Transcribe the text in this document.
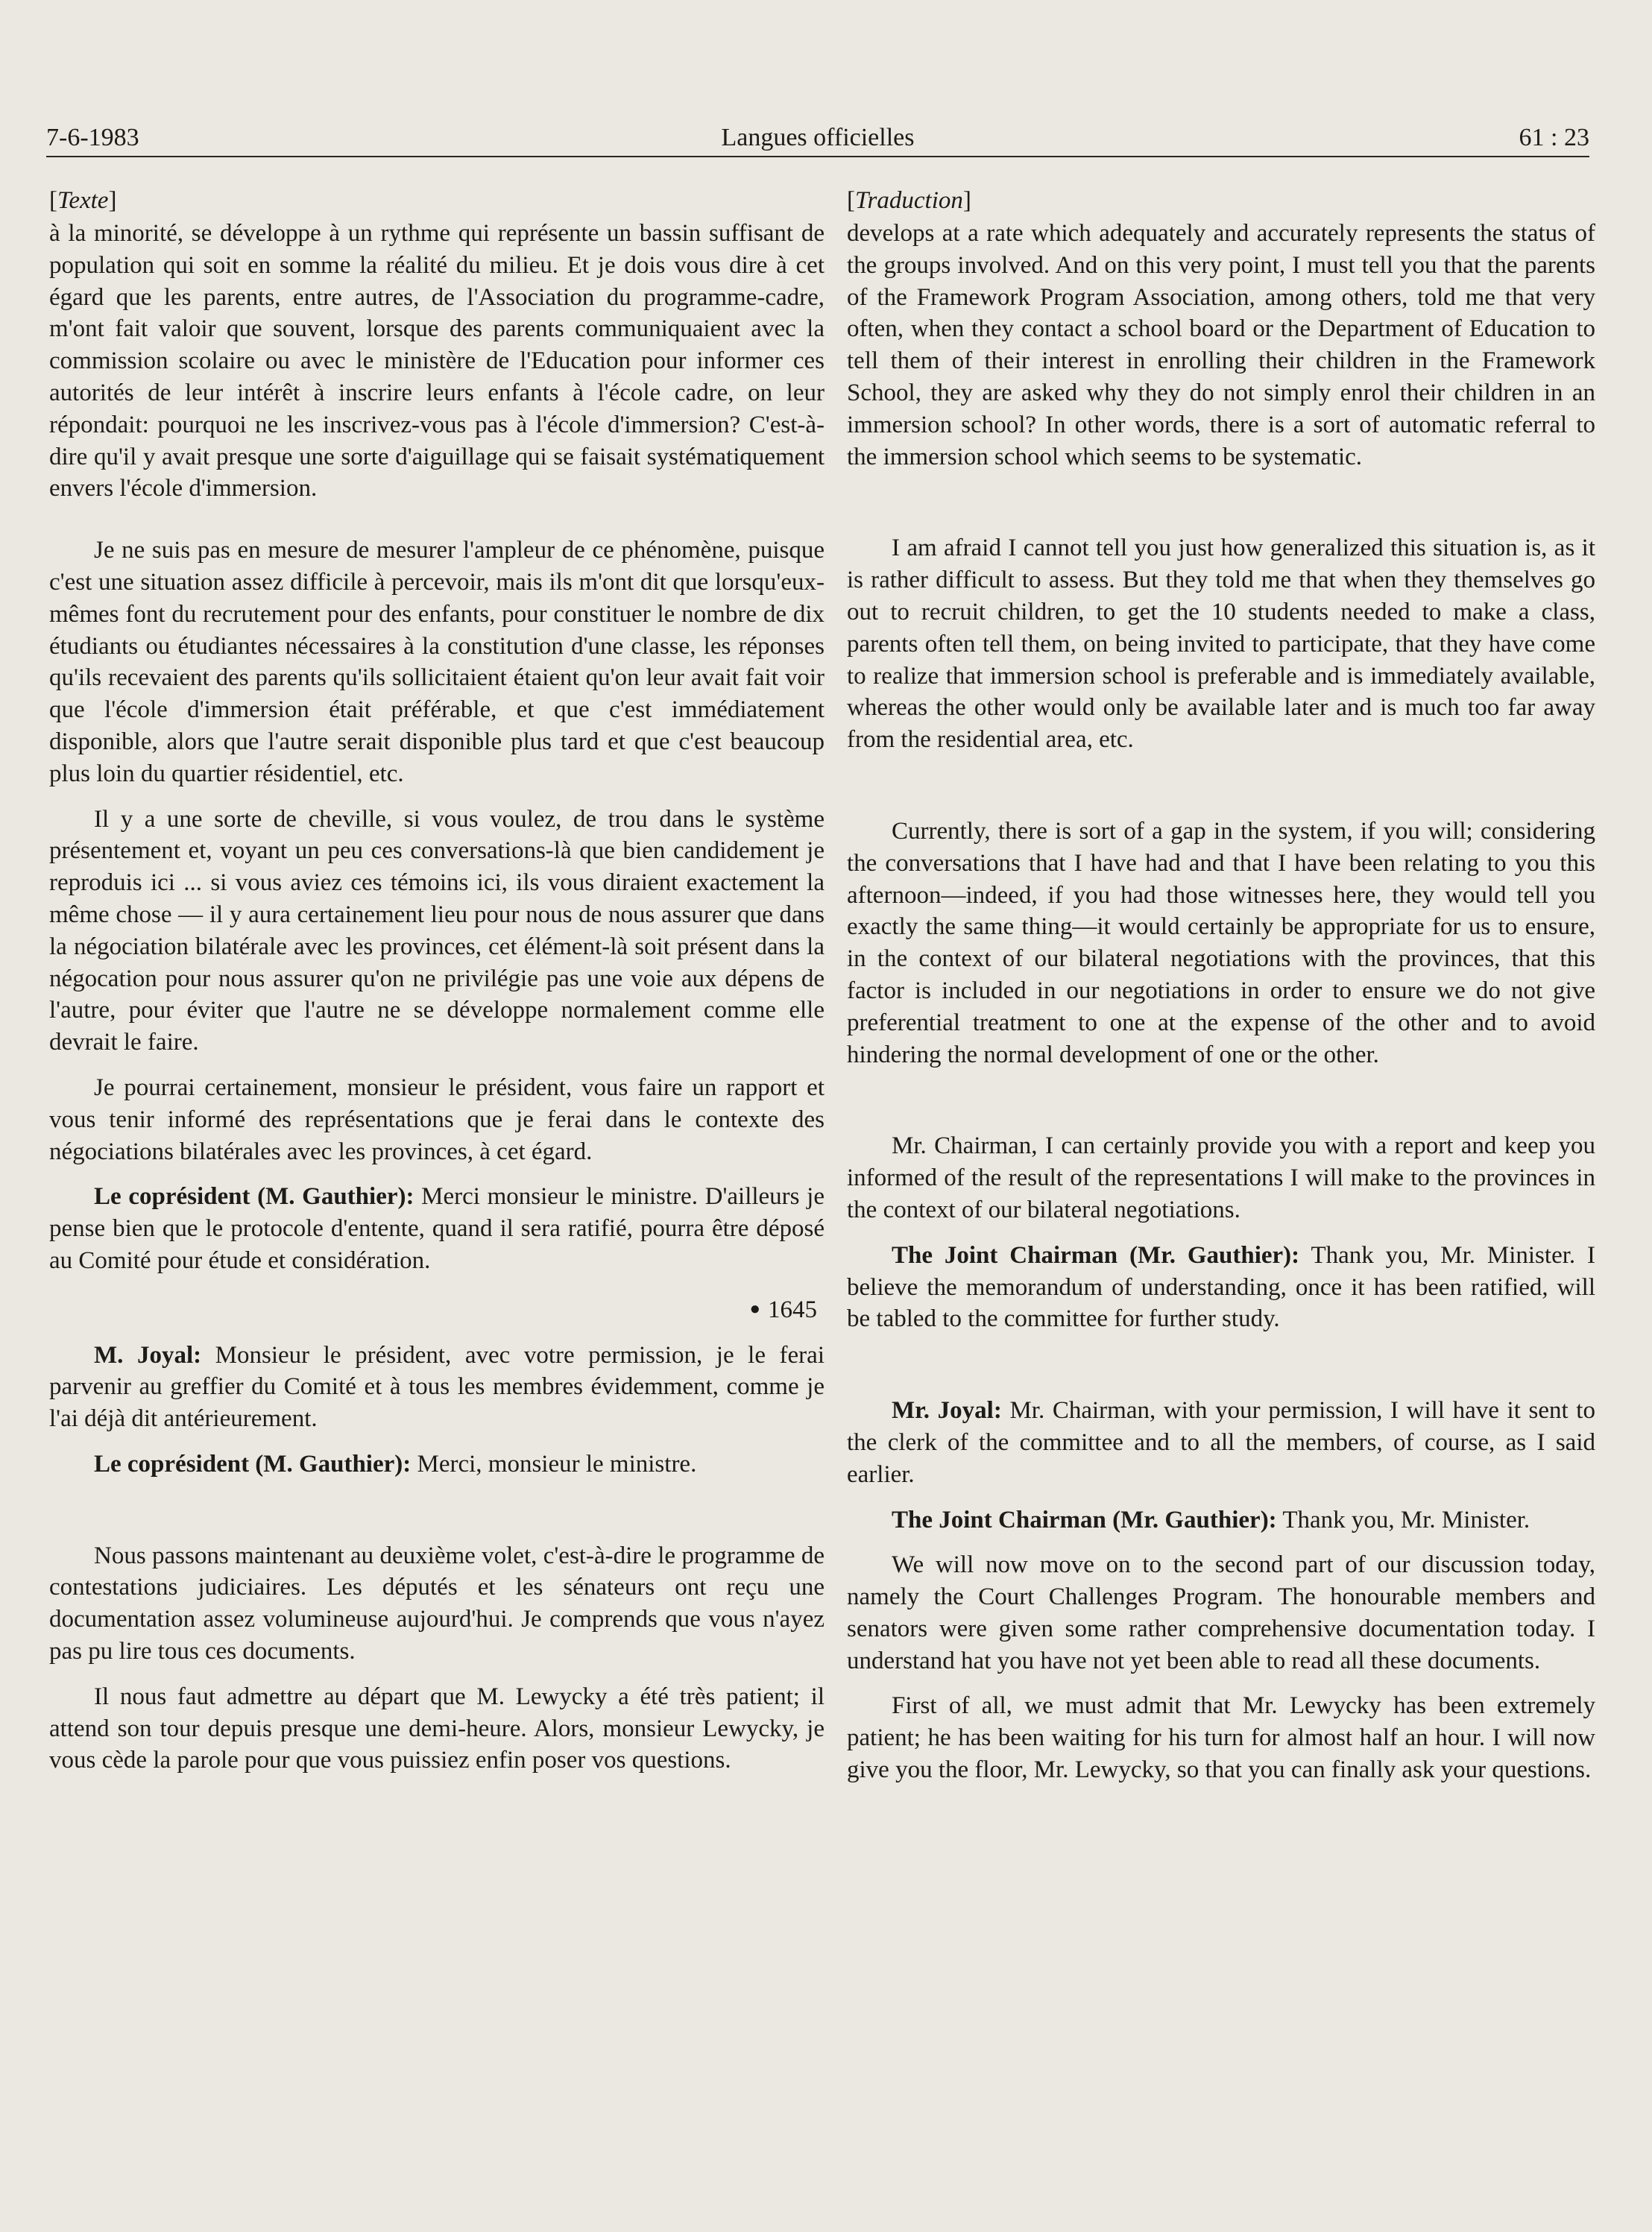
7-6-1983	Langues officielles	61 : 23

[Texte]

à la minorité, se développe à un rythme qui représente un bassin suffisant de population qui soit en somme la réalité du milieu. Et je dois vous dire à cet égard que les parents, entre autres, de l'Association du programme-cadre, m'ont fait valoir que souvent, lorsque des parents communiquaient avec la commission scolaire ou avec le ministère de l'Education pour informer ces autorités de leur intérêt à inscrire leurs enfants à l'école cadre, on leur répondait: pourquoi ne les inscrivez-vous pas à l'école d'immersion? C'est-à-dire qu'il y avait presque une sorte d'aiguillage qui se faisait systématiquement envers l'école d'immersion.

Je ne suis pas en mesure de mesurer l'ampleur de ce phénomène, puisque c'est une situation assez difficile à percevoir, mais ils m'ont dit que lorsqu'eux-mêmes font du recrutement pour des enfants, pour constituer le nombre de dix étudiants ou étudiantes nécessaires à la constitution d'une classe, les réponses qu'ils recevaient des parents qu'ils sollicitaient étaient qu'on leur avait fait voir que l'école d'immersion était préférable, et que c'est immédiatement disponible, alors que l'autre serait disponible plus tard et que c'est beaucoup plus loin du quartier résidentiel, etc.

Il y a une sorte de cheville, si vous voulez, de trou dans le système présentement et, voyant un peu ces conversations-là que bien candidement je reproduis ici ... si vous aviez ces témoins ici, ils vous diraient exactement la même chose — il y aura certainement lieu pour nous de nous assurer que dans la négociation bilatérale avec les provinces, cet élément-là soit présent dans la négocation pour nous assurer qu'on ne privilégie pas une voie aux dépens de l'autre, pour éviter que l'autre ne se développe normalement comme elle devrait le faire.

Je pourrai certainement, monsieur le président, vous faire un rapport et vous tenir informé des représentations que je ferai dans le contexte des négociations bilatérales avec les provinces, à cet égard.

Le coprésident (M. Gauthier): Merci monsieur le ministre. D'ailleurs je pense bien que le protocole d'entente, quand il sera ratifié, pourra être déposé au Comité pour étude et considération.

● 1645

M. Joyal: Monsieur le président, avec votre permission, je le ferai parvenir au greffier du Comité et à tous les membres évidemment, comme je l'ai déjà dit antérieurement.

Le coprésident (M. Gauthier): Merci, monsieur le ministre.

Nous passons maintenant au deuxième volet, c'est-à-dire le programme de contestations judiciaires. Les députés et les sénateurs ont reçu une documentation assez volumineuse aujourd'hui. Je comprends que vous n'ayez pas pu lire tous ces documents.

Il nous faut admettre au départ que M. Lewycky a été très patient; il attend son tour depuis presque une demi-heure. Alors, monsieur Lewycky, je vous cède la parole pour que vous puissiez enfin poser vos questions.

[Traduction]

develops at a rate which adequately and accurately represents the status of the groups involved. And on this very point, I must tell you that the parents of the Framework Program Association, among others, told me that very often, when they contact a school board or the Department of Education to tell them of their interest in enrolling their children in the Framework School, they are asked why they do not simply enrol their children in an immersion school? In other words, there is a sort of automatic referral to the immersion school which seems to be systematic.

I am afraid I cannot tell you just how generalized this situation is, as it is rather difficult to assess. But they told me that when they themselves go out to recruit children, to get the 10 students needed to make a class, parents often tell them, on being invited to participate, that they have come to realize that immersion school is preferable and is immediately available, whereas the other would only be available later and is much too far away from the residential area, etc.

Currently, there is sort of a gap in the system, if you will; considering the conversations that I have had and that I have been relating to you this afternoon—indeed, if you had those witnesses here, they would tell you exactly the same thing—it would certainly be appropriate for us to ensure, in the context of our bilateral negotiations with the provinces, that this factor is included in our negotiations in order to ensure we do not give preferential treatment to one at the expense of the other and to avoid hindering the normal development of one or the other.

Mr. Chairman, I can certainly provide you with a report and keep you informed of the result of the representations I will make to the provinces in the context of our bilateral negotiations.

The Joint Chairman (Mr. Gauthier): Thank you, Mr. Minister. I believe the memorandum of understanding, once it has been ratified, will be tabled to the committee for further study.

Mr. Joyal: Mr. Chairman, with your permission, I will have it sent to the clerk of the committee and to all the members, of course, as I said earlier.

The Joint Chairman (Mr. Gauthier): Thank you, Mr. Minister.

We will now move on to the second part of our discussion today, namely the Court Challenges Program. The honourable members and senators were given some rather comprehensive documentation today. I understand hat you have not yet been able to read all these documents.

First of all, we must admit that Mr. Lewycky has been extremely patient; he has been waiting for his turn for almost half an hour. I will now give you the floor, Mr. Lewycky, so that you can finally ask your questions.
